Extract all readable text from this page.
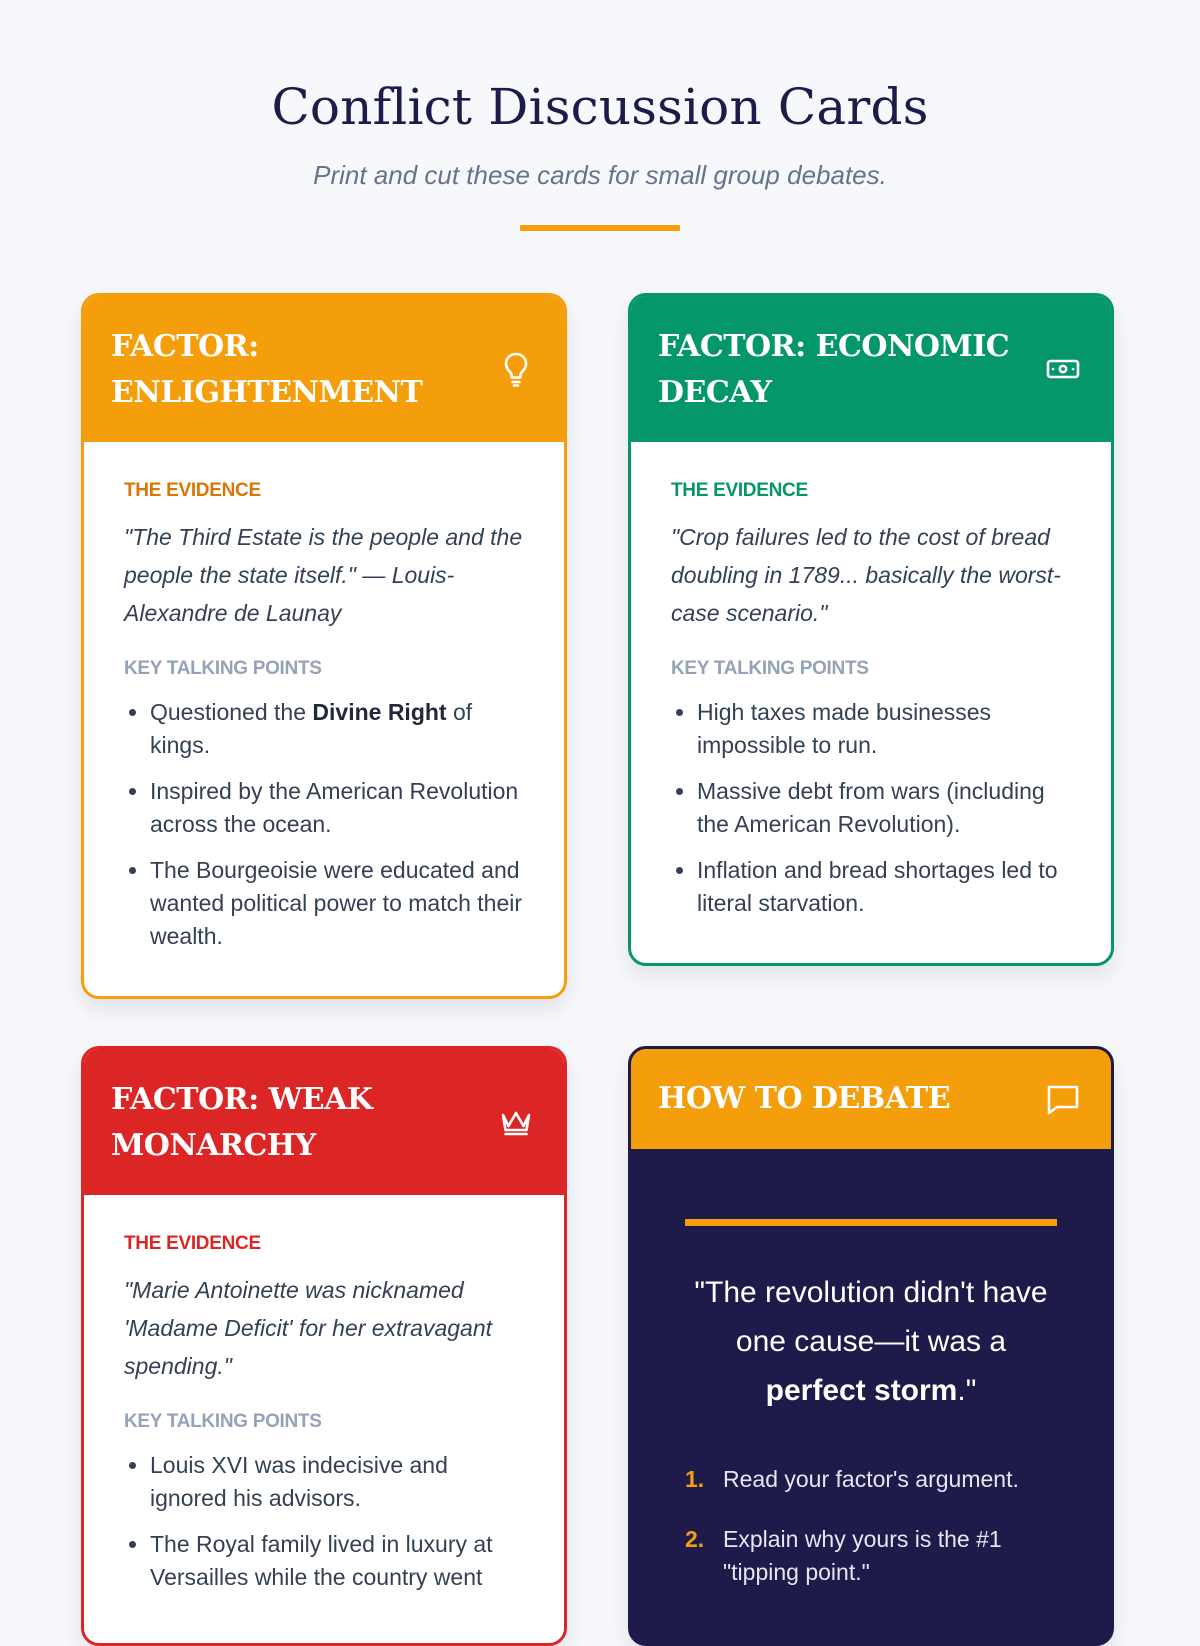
Conflict Discussion Cards
Print and cut these cards for small group debates.
FACTOR: ENLIGHTENMENT
THE EVIDENCE
"The Third Estate is the people and the people the state itself." — Louis-Alexandre de Launay
KEY TALKING POINTS
• Questioned the Divine Right of kings.
• Inspired by the American Revolution across the ocean.
• The Bourgeoisie were educated and wanted political power to match their wealth.
FACTOR: ECONOMIC DECAY
THE EVIDENCE
"Crop failures led to the cost of bread doubling in 1789... basically the worst-case scenario."
KEY TALKING POINTS
• High taxes made businesses impossible to run.
• Massive debt from wars (including the American Revolution).
• Inflation and bread shortages led to literal starvation.
FACTOR: WEAK MONARCHY
THE EVIDENCE
"Marie Antoinette was nicknamed 'Madame Deficit' for her extravagant spending."
KEY TALKING POINTS
• Louis XVI was indecisive and ignored his advisors.
• The Royal family lived in luxury at Versailles while the country went
HOW TO DEBATE
"The revolution didn't have one cause—it was a perfect storm."
1. Read your factor's argument.
2. Explain why yours is the #1 "tipping point."
